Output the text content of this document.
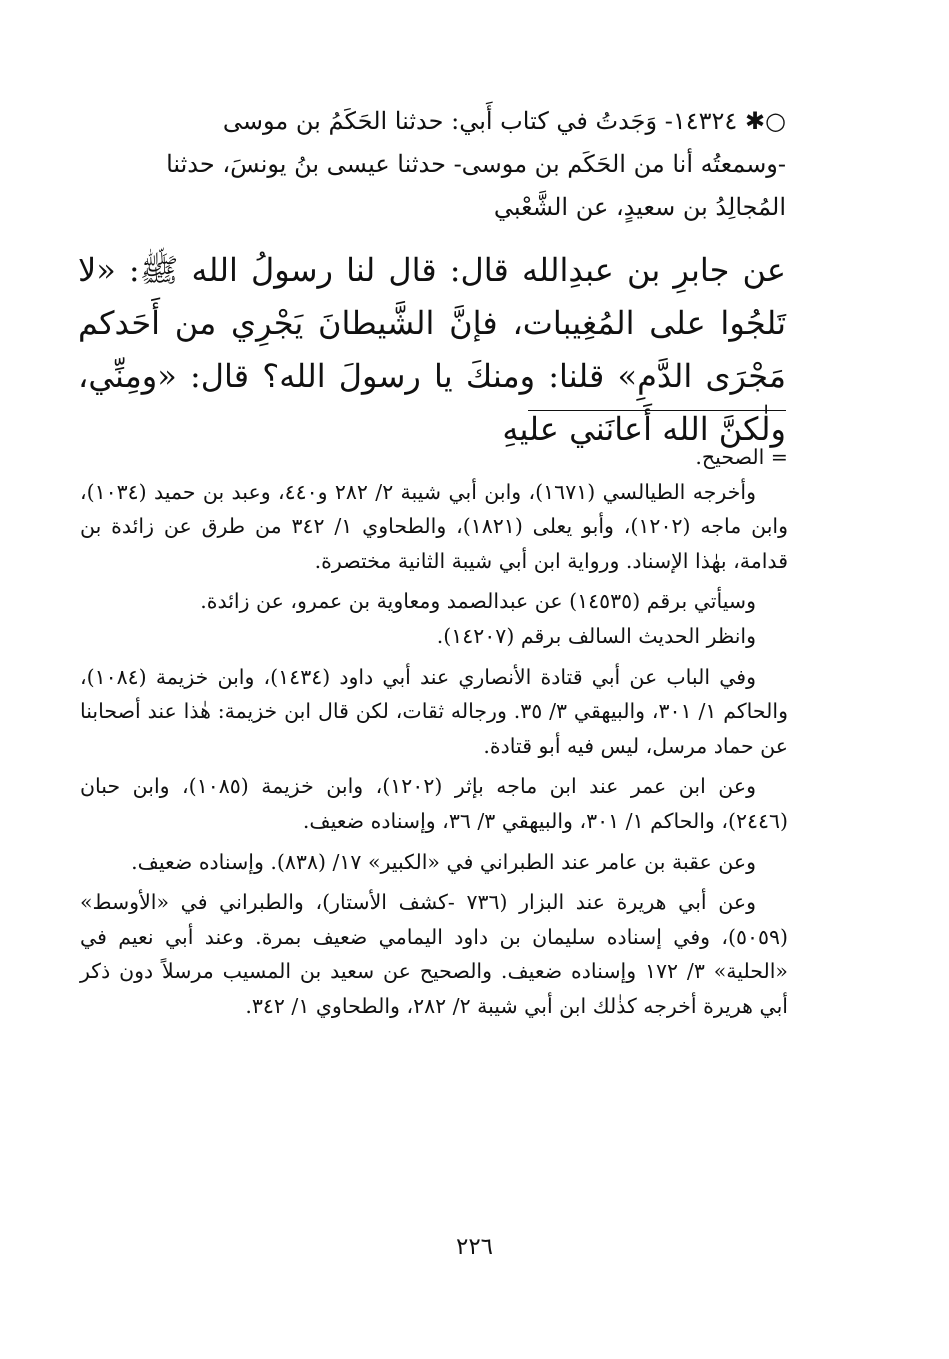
○✱ ١٤٣٢٤- وَجَدتُ في كتاب أَبي: حدثنا الحَكَمُ بن موسى
-وسمعتُه أنا من الحَكَم بن موسى- حدثنا عيسى بنُ يونسَ، حدثنا
المُجالِدُ بن سعيدٍ، عن الشَّعْبي
عن جابرِ بن عبدِالله قال: قال لنا رسولُ الله ﷺ: «لا تَلجُوا على المُغِيبات، فإنَّ الشَّيطانَ يَجْرِي من أَحَدكم مَجْرَى الدَّمِ» قلنا: ومنكَ يا رسولَ الله؟ قال: «ومِنِّي، ولٰكنَّ الله أَعانَني عليهِ

= الصحيح.

وأخرجه الطيالسي (١٦٧١)، وابن أبي شيبة ٢/ ٢٨٢ و٤٤٠، وعبد بن حميد (١٠٣٤)، وابن ماجه (١٢٠٢)، وأبو يعلى (١٨٢١)، والطحاوي ١/ ٣٤٢ من طرق عن زائدة بن قدامة، بهٰذا الإسناد. ورواية ابن أبي شيبة الثانية مختصرة.

وسيأتي برقم (١٤٥٣٥) عن عبدالصمد ومعاوية بن عمرو، عن زائدة.

وانظر الحديث السالف برقم (١٤٢٠٧).

وفي الباب عن أبي قتادة الأنصاري عند أبي داود (١٤٣٤)، وابن خزيمة (١٠٨٤)، والحاكم ١/ ٣٠١، والبيهقي ٣/ ٣٥. ورجاله ثقات، لكن قال ابن خزيمة: هٰذا عند أصحابنا عن حماد مرسل، ليس فيه أبو قتادة.

وعن ابن عمر عند ابن ماجه بإثر (١٢٠٢)، وابن خزيمة (١٠٨٥)، وابن حبان (٢٤٤٦)، والحاكم ١/ ٣٠١، والبيهقي ٣/ ٣٦، وإسناده ضعيف.

وعن عقبة بن عامر عند الطبراني في «الكبير» ١٧/ (٨٣٨). وإسناده ضعيف.

وعن أبي هريرة عند البزار (٧٣٦ -كشف الأستار)، والطبراني في «الأوسط» (٥٠٥٩)، وفي إسناده سليمان بن داود اليمامي ضعيف بمرة. وعند أبي نعيم في «الحلية» ٣/ ١٧٢ وإسناده ضعيف. والصحيح عن سعيد بن المسيب مرسلاً دون ذكر أبي هريرة أخرجه كذٰلك ابن أبي شيبة ٢/ ٢٨٢، والطحاوي ١/ ٣٤٢.

٢٢٦
